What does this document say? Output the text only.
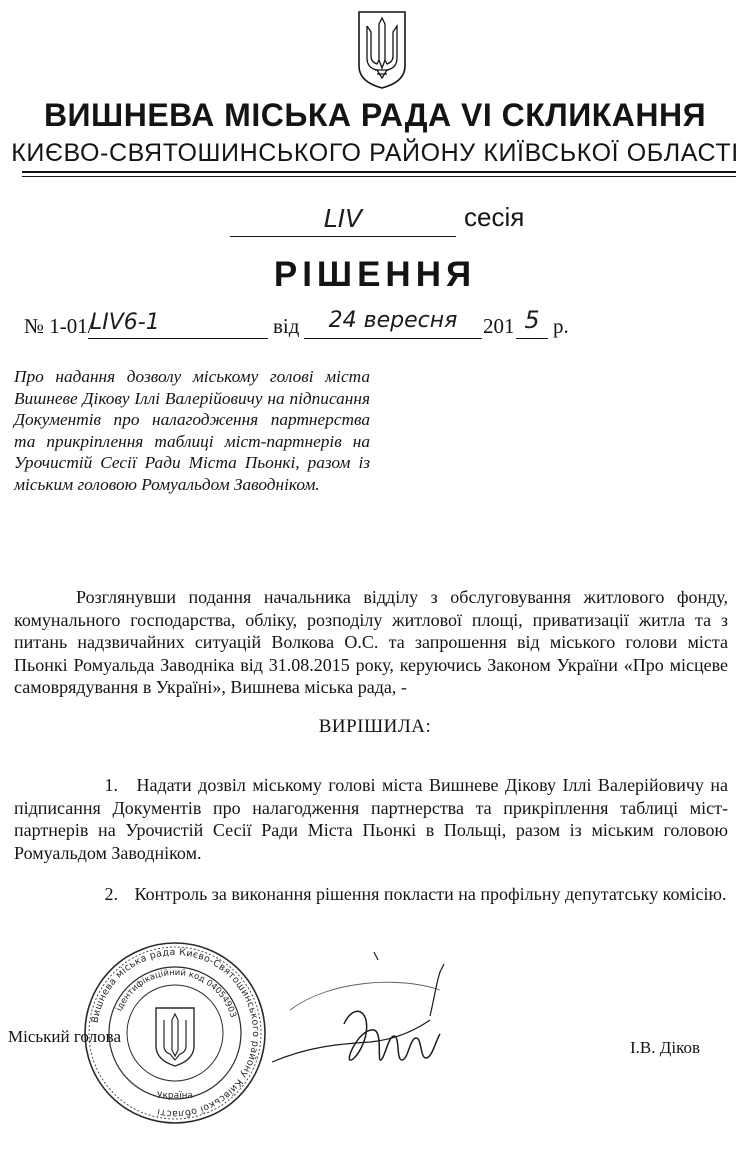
ВИШНЕВА МІСЬКА РАДА VI СКЛИКАННЯ
КИЄВО-СВЯТОШИНСЬКОГО РАЙОНУ КИЇВСЬКОЇ ОБЛАСТІ
LIV	сесія
РІШЕННЯ
№ 1-01/
LIV6-1	від	24 вересня	201 5 р.
Про надання дозволу міському голові міста Вишневе Дікову Іллі Валерійовичу на підписання Документів про налагодження партнерства та прикріплення таблиці міст-партнерів на Урочистій Сесії Ради Міста Пьонкі, разом із міським головою Ромуальдом Заводніком.
Розглянувши подання начальника відділу з обслуговування житлового фонду, комунального господарства, обліку, розподілу житлової площі, приватизації житла та з питань надзвичайних ситуацій Волкова О.С. та запрошення від міського голови міста Пьонкі Ромуальда Заводніка від 31.08.2015 року, керуючись Законом України «Про місцеве самоврядування в Україні», Вишнева міська рада, -
ВИРІШИЛА:
1. Надати дозвіл міському голові міста Вишневе Дікову Іллі Валерійовичу на підписання Документів про налагодження партнерства та прикріплення таблиці міст-партнерів на Урочистій Сесії Ради Міста Пьонкі в Польщі, разом із міським головою Ромуальдом Заводніком.
2. Контроль за виконання рішення покласти на профільну депутатську комісію.
Вишнева міська рада Києво-Святошинського району Київської області
ідентифікаційний код 04054903
Україна
Міський голова
І.В. Діков
